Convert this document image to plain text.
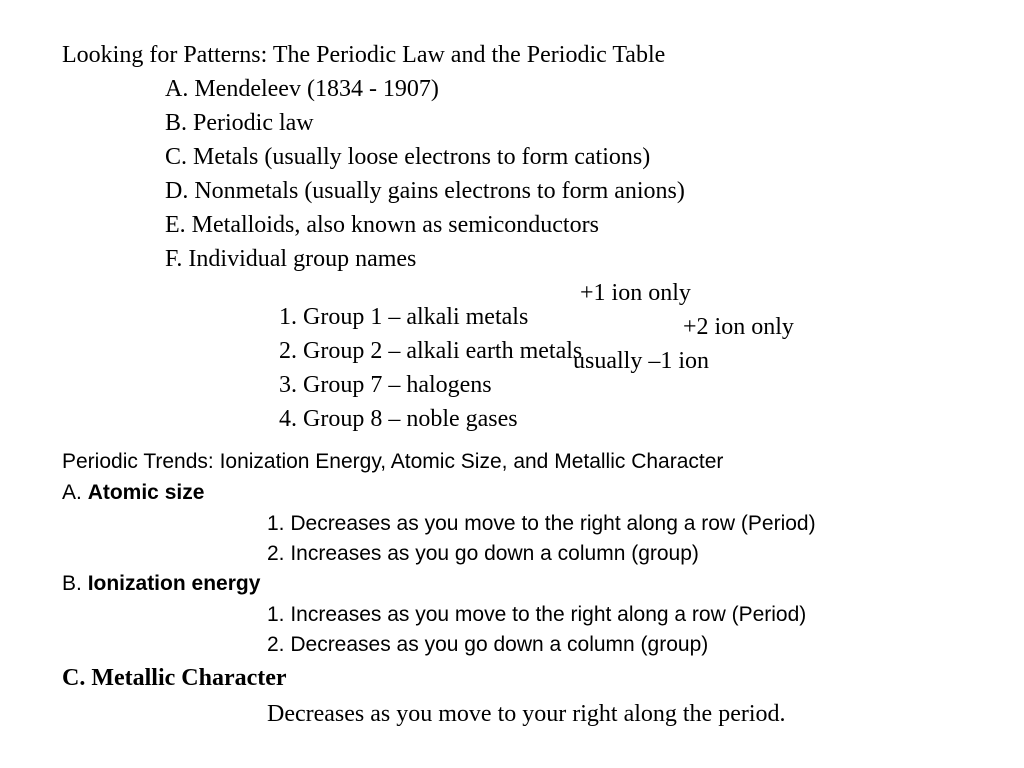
Looking for Patterns: The Periodic Law and the Periodic Table
A. Mendeleev (1834 - 1907)
B. Periodic law
C. Metals (usually loose electrons to form cations)
D. Nonmetals (usually gains electrons to form anions)
E. Metalloids, also known as semiconductors
F. Individual group names

1. Group 1 – alkali metals

+1 ion only

2. Group 2 – alkali earth metals

+2 ion only

3. Group 7 – halogens

usually –1 ion

4. Group 8 – noble gases

Periodic Trends: Ionization Energy, Atomic Size, and Metallic Character
A. Atomic size
1. Decreases as you move to the right along a row (Period)
2. Increases as you go down a column (group)
B. Ionization energy
1. Increases as you move to the right along a row (Period)
2. Decreases as you go down a column (group)
C. Metallic Character
Decreases as you move to your right along the period.
